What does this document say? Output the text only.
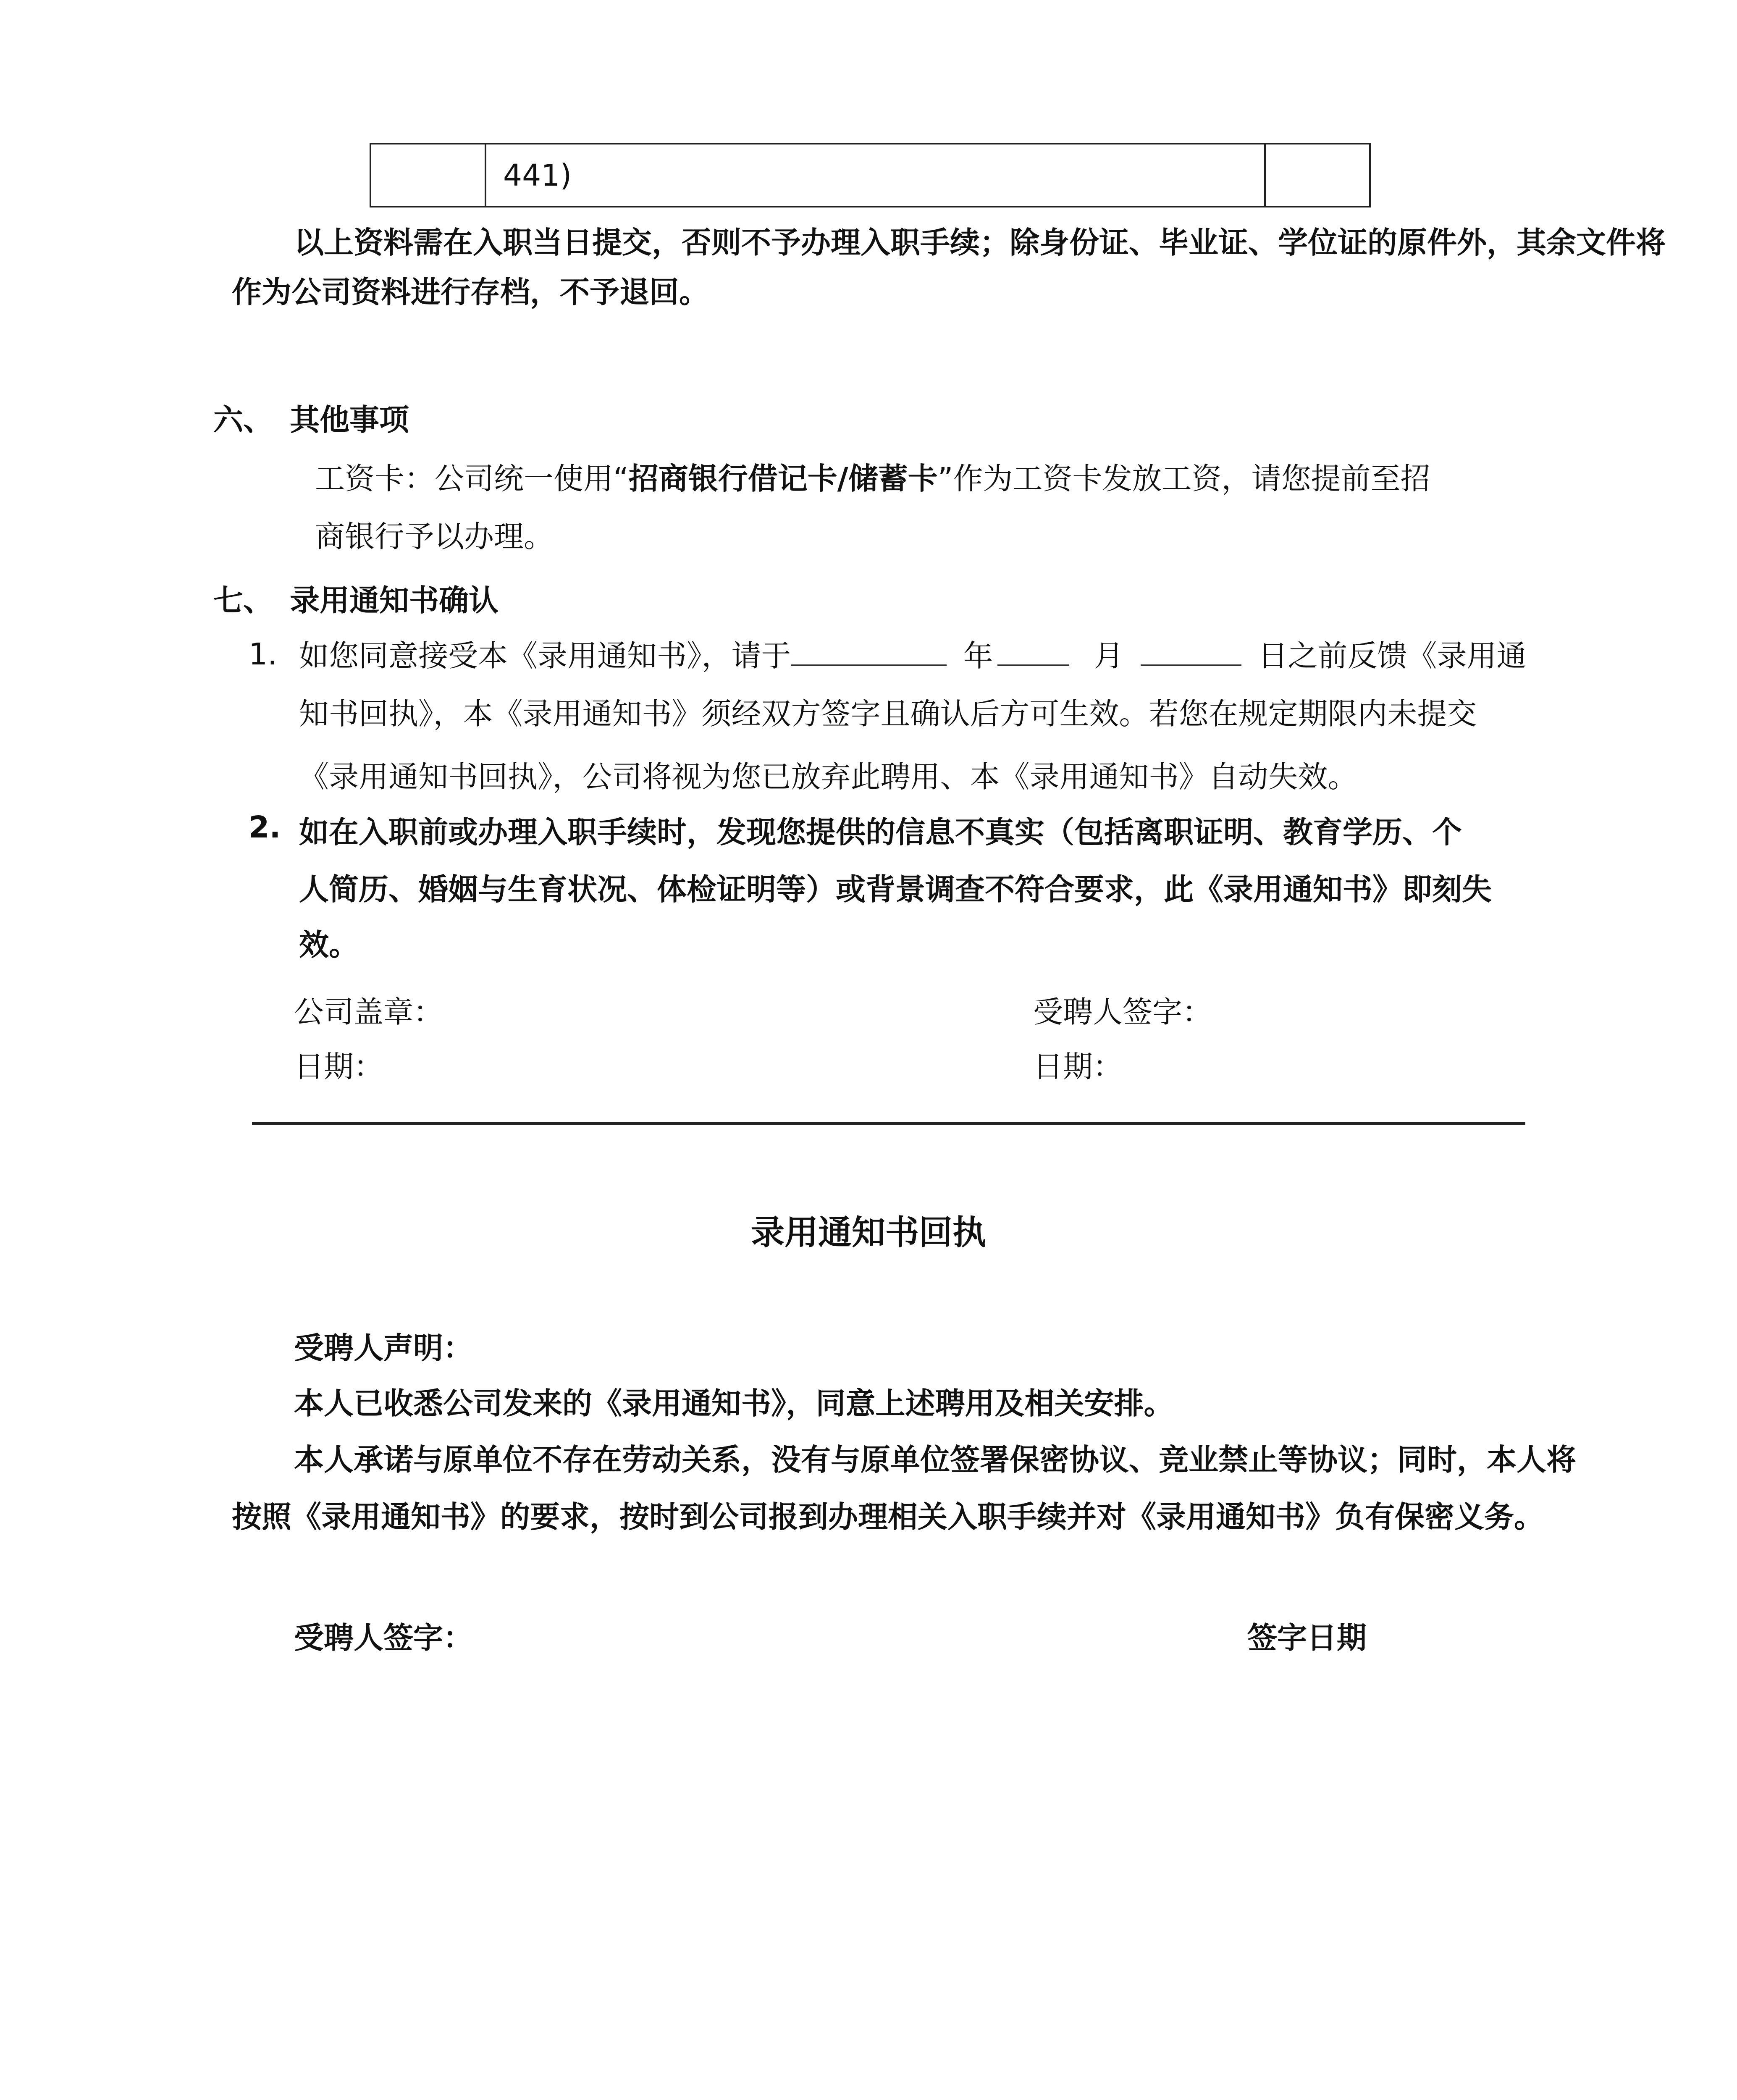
	441)	
以上资料需在入职当日提交，否则不予办理入职手续；除身份证、毕业证、学位证的原件外，其余文件将
作为公司资料进行存档，不予退回。
六、 其他事项
工资卡：公司统一使用“招商银行借记卡/储蓄卡”作为工资卡发放工资，请您提前至招
商银行予以办理。
七、 录用通知书确认
1. 如您同意接受本《录用通知书》，请于	年	月	日之前反馈《录用通
知书回执》，本《录用通知书》须经双方签字且确认后方可生效。若您在规定期限内未提交
《录用通知书回执》，公司将视为您已放弃此聘用、本《录用通知书》自动失效。
2. 如在入职前或办理入职手续时，发现您提供的信息不真实（包括离职证明、教育学历、个
人简历、婚姻与生育状况、体检证明等）或背景调查不符合要求，此《录用通知书》即刻失
效。
公司盖章：	受聘人签字：
日期：	日期：
录用通知书回执
受聘人声明：
本人已收悉公司发来的《录用通知书》，同意上述聘用及相关安排。
本人承诺与原单位不存在劳动关系，没有与原单位签署保密协议、竞业禁止等协议；同时，本人将
按照《录用通知书》的要求，按时到公司报到办理相关入职手续并对《录用通知书》负有保密义务。
受聘人签字：	签字日期
